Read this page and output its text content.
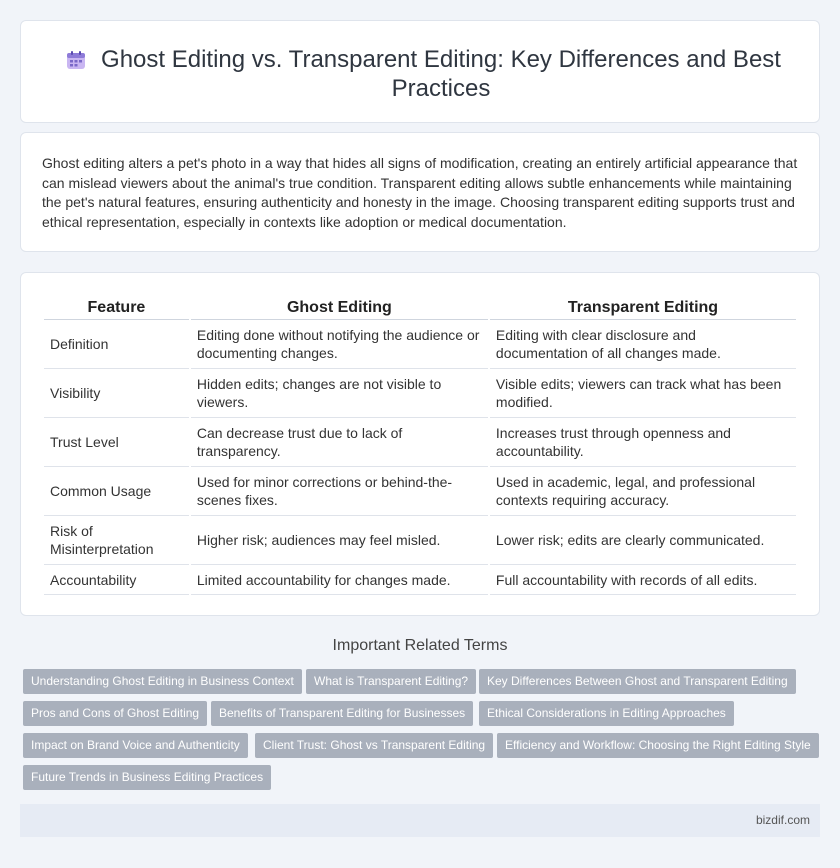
Ghost Editing vs. Transparent Editing: Key Differences and Best Practices

Ghost editing alters a pet's photo in a way that hides all signs of modification, creating an entirely artificial appearance that can mislead viewers about the animal's true condition. Transparent editing allows subtle enhancements while maintaining the pet's natural features, ensuring authenticity and honesty in the image. Choosing transparent editing supports trust and ethical representation, especially in contexts like adoption or medical documentation.

Feature	Ghost Editing	Transparent Editing
Definition	Editing done without notifying the audience or documenting changes.	Editing with clear disclosure and documentation of all changes made.
Visibility	Hidden edits; changes are not visible to viewers.	Visible edits; viewers can track what has been modified.
Trust Level	Can decrease trust due to lack of transparency.	Increases trust through openness and accountability.
Common Usage	Used for minor corrections or behind-the-scenes fixes.	Used in academic, legal, and professional contexts requiring accuracy.
Risk of Misinterpretation	Higher risk; audiences may feel misled.	Lower risk; edits are clearly communicated.
Accountability	Limited accountability for changes made.	Full accountability with records of all edits.
Important Related Terms
Understanding Ghost Editing in Business Context	What is Transparent Editing?	Key Differences Between Ghost and Transparent Editing
Pros and Cons of Ghost Editing	Benefits of Transparent Editing for Businesses	Ethical Considerations in Editing Approaches
Impact on Brand Voice and Authenticity	Client Trust: Ghost vs Transparent Editing	Efficiency and Workflow: Choosing the Right Editing Style
Future Trends in Business Editing Practices
bizdif.com
